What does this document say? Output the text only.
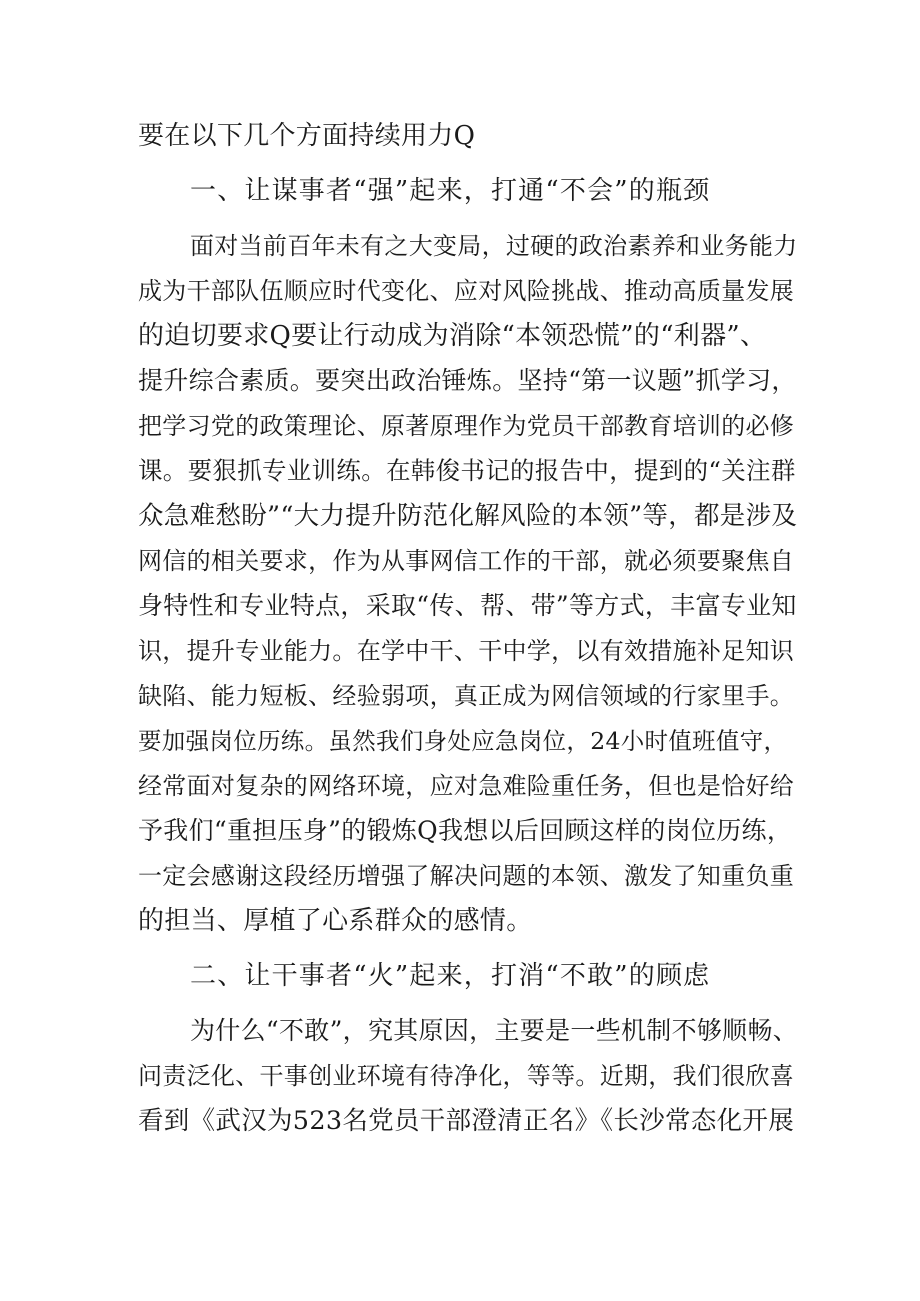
要在以下几个方面持续用力Q
一、让谋事者“强”起来，打通“不会”的瓶颈
面对当前百年未有之大变局，过硬的政治素养和业务能力
成为干部队伍顺应时代变化、应对风险挑战、推动高质量发展
的迫切要求Q要让行动成为消除“本领恐慌”的“利器”、
提升综合素质。要突出政治锤炼。坚持“第一议题”抓学习，
把学习党的政策理论、原著原理作为党员干部教育培训的必修
课。要狠抓专业训练。在韩俊书记的报告中，提到的“关注群
众急难愁盼”“大力提升防范化解风险的本领”等，都是涉及
网信的相关要求，作为从事网信工作的干部，就必须要聚焦自
身特性和专业特点，采取“传、帮、带”等方式，丰富专业知
识，提升专业能力。在学中干、干中学，以有效措施补足知识
缺陷、能力短板、经验弱项，真正成为网信领域的行家里手。
要加强岗位历练。虽然我们身处应急岗位，24小时值班值守，
经常面对复杂的网络环境，应对急难险重任务，但也是恰好给
予我们“重担压身”的锻炼Q我想以后回顾这样的岗位历练，
一定会感谢这段经历增强了解决问题的本领、激发了知重负重
的担当、厚植了心系群众的感情。
二、让干事者“火”起来，打消“不敢”的顾虑
为什么“不敢”，究其原因，主要是一些机制不够顺畅、
问责泛化、干事创业环境有待净化，等等。近期，我们很欣喜
看到《武汉为523名党员干部澄清正名》《长沙常态化开展
